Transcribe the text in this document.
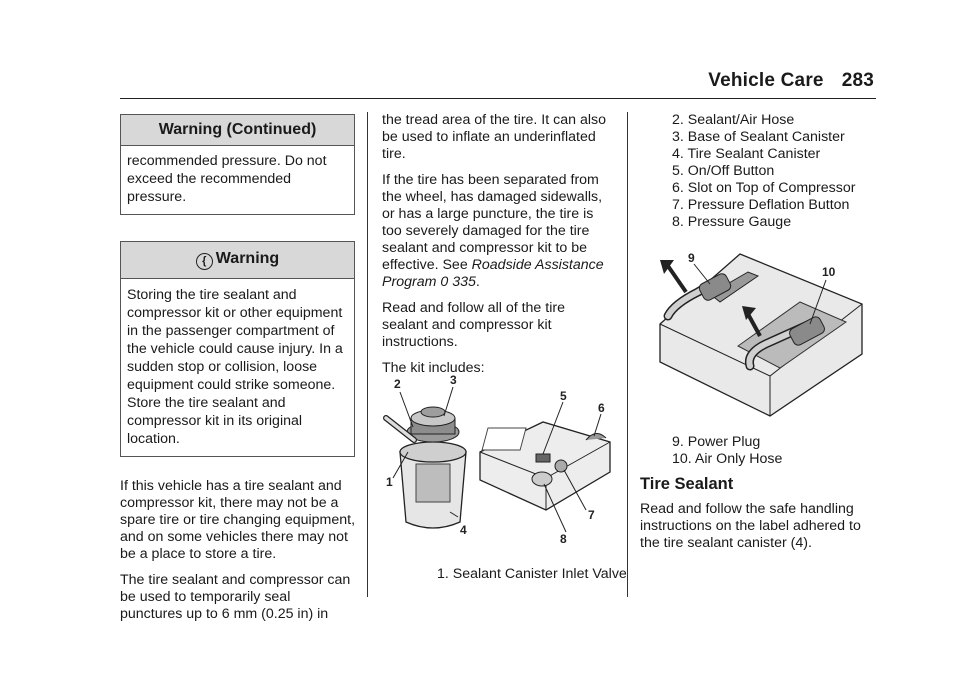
Vehicle Care 283
Warning (Continued)
recommended pressure. Do not exceed the recommended pressure.
{ Warning
Storing the tire sealant and compressor kit or other equipment in the passenger compartment of the vehicle could cause injury. In a sudden stop or collision, loose equipment could strike someone. Store the tire sealant and compressor kit in its original location.

If this vehicle has a tire sealant and compressor kit, there may not be a spare tire or tire changing equipment, and on some vehicles there may not be a place to store a tire.

The tire sealant and compressor can be used to temporarily seal punctures up to 6 mm (0.25 in) in

the tread area of the tire. It can also be used to inflate an underinflated tire.

If the tire has been separated from the wheel, has damaged sidewalls, or has a large puncture, the tire is too severely damaged for the tire sealant and compressor kit to be effective. See Roadside Assistance Program 0 335.

Read and follow all of the tire sealant and compressor kit instructions.

The kit includes:

2	3
1
4
5
6
7
8
1. Sealant Canister Inlet Valve
2. Sealant/Air Hose
3. Base of Sealant Canister
4. Tire Sealant Canister
5. On/Off Button
6. Slot on Top of Compressor
7. Pressure Deflation Button
8. Pressure Gauge
9
10
9. Power Plug
10. Air Only Hose
Tire Sealant

Read and follow the safe handling instructions on the label adhered to the tire sealant canister (4).
